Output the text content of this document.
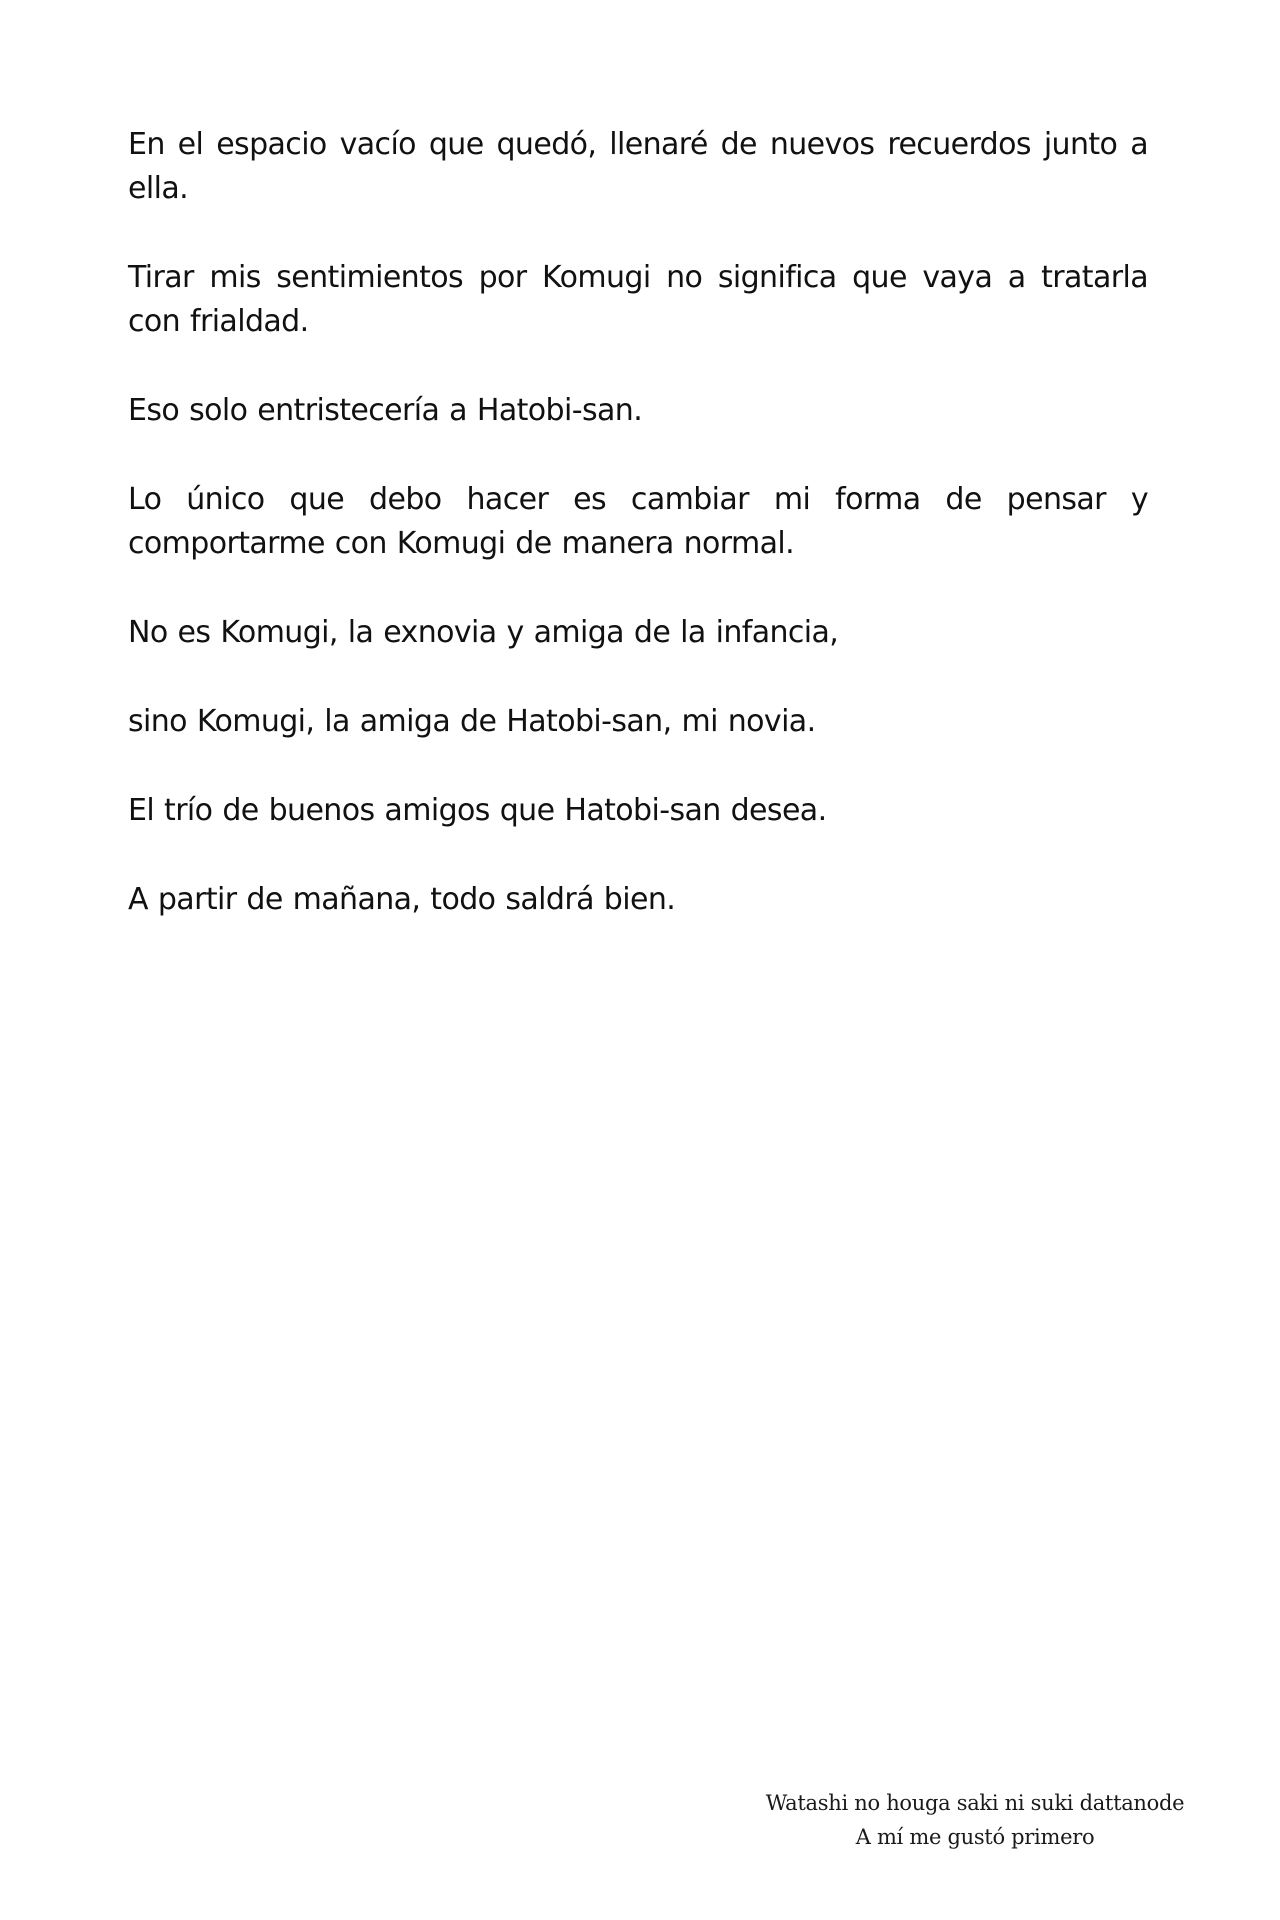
En el espacio vacío que quedó, llenaré de nuevos recuerdos junto a ella.

Tirar mis sentimientos por Komugi no significa que vaya a tratarla con frialdad.

Eso solo entristecería a Hatobi-san.

Lo único que debo hacer es cambiar mi forma de pensar y comportarme con Komugi de manera normal.

No es Komugi, la exnovia y amiga de la infancia,

sino Komugi, la amiga de Hatobi-san, mi novia.

El trío de buenos amigos que Hatobi-san desea.

A partir de mañana, todo saldrá bien.

Watashi no houga saki ni suki dattanode
A mí me gustó primero
